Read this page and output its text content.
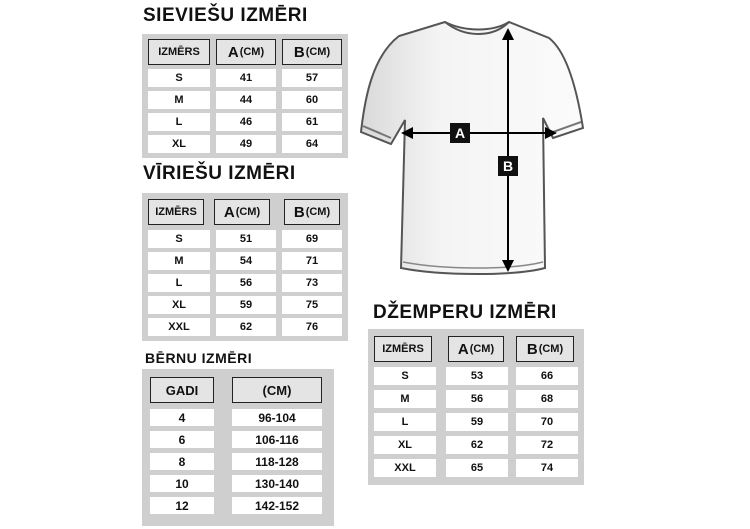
SIEVIEŠU IZMĒRI
IZMĒRS	A (CM) B (CM)
S	41	57
M	44	60
L	46	61
XL	49	64
VĪRIEŠU IZMĒRI
IZMĒRS	A (CM) B (CM)
S	51	69
M	54	71
L	56	73
XL	59	75
XXL	62	76
BĒRNU IZMĒRI
GADI	(CM)
4	96-104
6	106-116
8	118-128
10	130-140
12	142-152
DŽEMPERU IZMĒRI
IZMĒRS	A (CM) B (CM)
S	53	66
M	56	68
L	59	70
XL	62	72
XXL	65	74
A
B
